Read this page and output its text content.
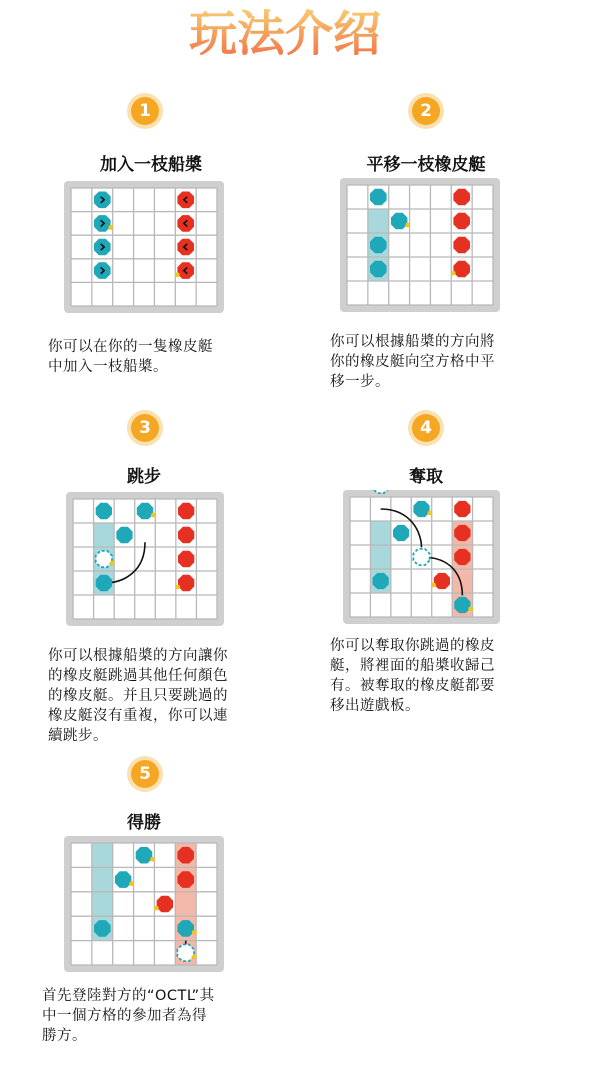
玩法介绍
1
加入一枝船槳
你可以在你的一隻橡皮艇
中加入一枝船槳。
2
平移一枝橡皮艇
你可以根據船槳的方向將
你的橡皮艇向空方格中平
移一步。
3
跳步
你可以根據船槳的方向讓你
的橡皮艇跳過其他任何顏色
的橡皮艇。并且只要跳過的
橡皮艇沒有重複，你可以連
續跳步。
4
奪取
你可以奪取你跳過的橡皮
艇，將裡面的船槳收歸己
有。被奪取的橡皮艇都要
移出遊戲板。
5
得勝
首先登陸對方的“OCTL”其
中一個方格的參加者為得
勝方。
